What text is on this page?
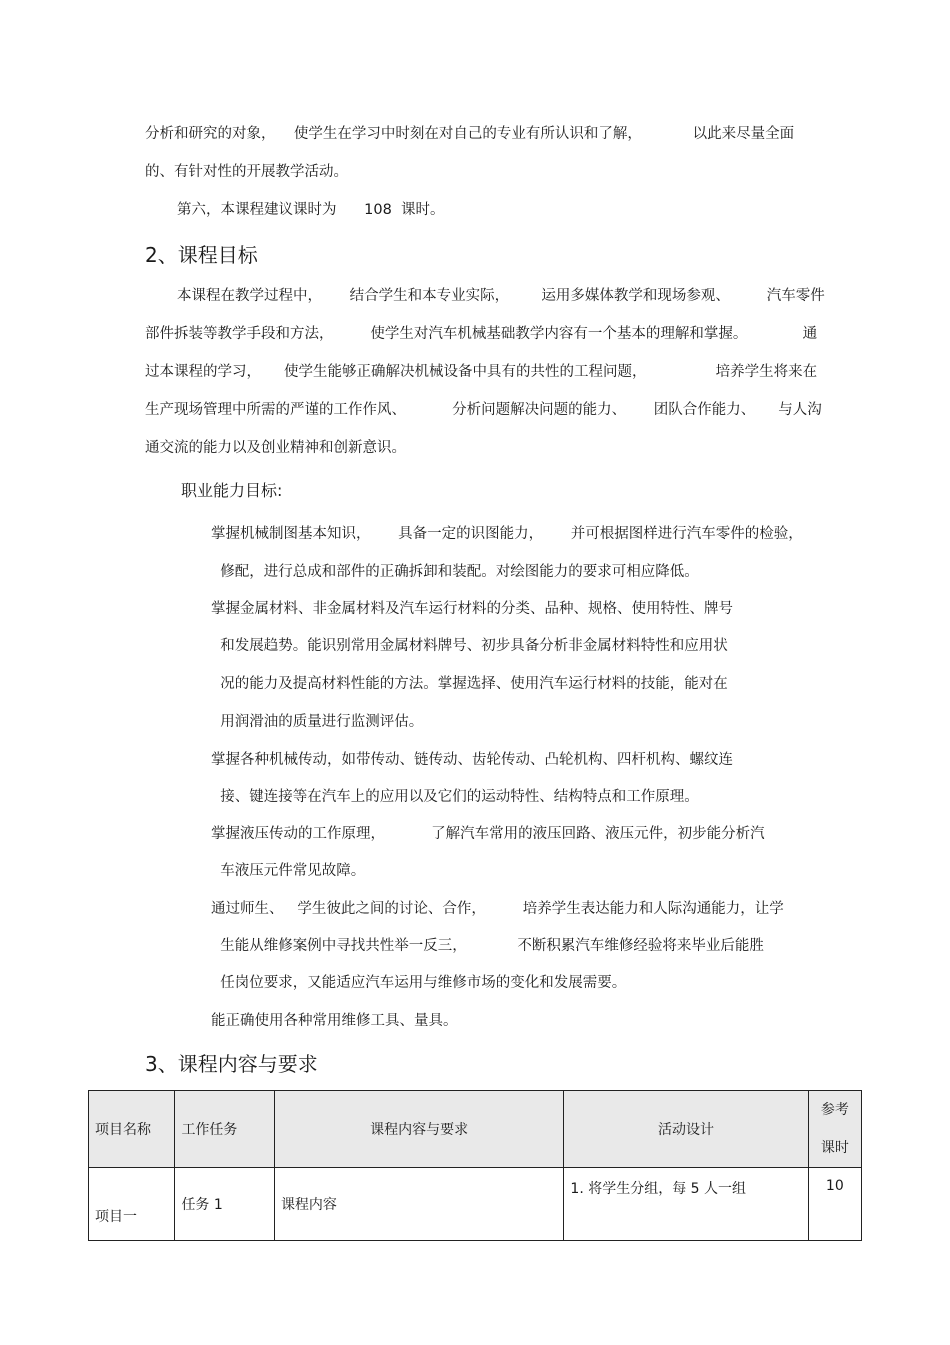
分析和研究的对象，    使学生在学习中时刻在对自己的专业有所认识和了解，           以此来尽量全面
的、有针对性的开展教学活动。
第六，本课程建议课时为      108  课时。
2、课程目标
本课程在教学过程中，      结合学生和本专业实际，       运用多媒体教学和现场参观、        汽车零件
部件拆装等教学手段和方法，        使学生对汽车机械基础教学内容有一个基本的理解和掌握。            通
过本课程的学习，     使学生能够正确解决机械设备中具有的共性的工程问题，               培养学生将来在
生产现场管理中所需的严谨的工作作风、          分析问题解决问题的能力、      团队合作能力、     与人沟
通交流的能力以及创业精神和创新意识。
职业能力目标:
掌握机械制图基本知识，      具备一定的识图能力，      并可根据图样进行汽车零件的检验，
修配，进行总成和部件的正确拆卸和装配。对绘图能力的要求可相应降低。
掌握金属材料、非金属材料及汽车运行材料的分类、品种、规格、使用特性、牌号
和发展趋势。能识别常用金属材料牌号、初步具备分析非金属材料特性和应用状
况的能力及提高材料性能的方法。掌握选择、使用汽车运行材料的技能，能对在
用润滑油的质量进行监测评估。
掌握各种机械传动，如带传动、链传动、齿轮传动、凸轮机构、四杆机构、螺纹连
接、键连接等在汽车上的应用以及它们的运动特性、结构特点和工作原理。
掌握液压传动的工作原理，          了解汽车常用的液压回路、液压元件，初步能分析汽
车液压元件常见故障。
通过师生、   学生彼此之间的讨论、合作，        培养学生表达能力和人际沟通能力，让学
生能从维修案例中寻找共性举一反三，           不断积累汽车维修经验将来毕业后能胜
任岗位要求，又能适应汽车运用与维修市场的变化和发展需要。
能正确使用各种常用维修工具、量具。
3、课程内容与要求
项目名称	工作任务	课程内容与要求	活动设计	参考
课时
项目一	任务 1	课程内容	1. 将学生分组，每 5 人一组	10
